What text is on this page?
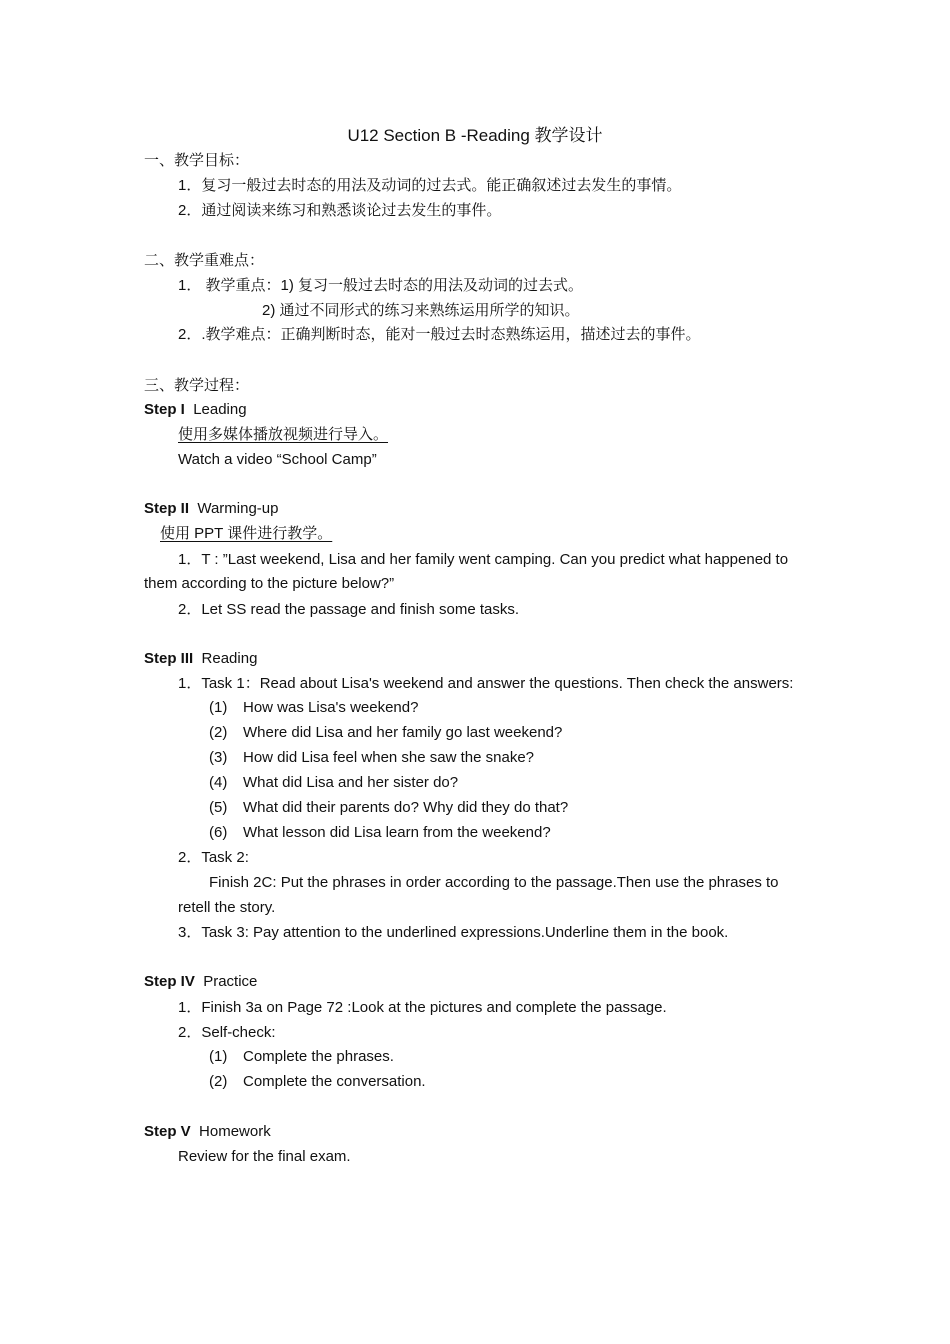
U12 Section B -Reading 教学设计
一、教学目标：
1．复习一般过去时态的用法及动词的过去式。能正确叙述过去发生的事情。
2．通过阅读来练习和熟悉谈论过去发生的事件。
二、教学重难点：
1． 教学重点：1) 复习一般过去时态的用法及动词的过去式。
2) 通过不同形式的练习来熟练运用所学的知识。
2．.教学难点：正确判断时态，能对一般过去时态熟练运用，描述过去的事件。
三、教学过程：
Step I Leading
使用多媒体播放视频进行导入。
Watch a video “School Camp”
Step II Warming-up
使用 PPT 课件进行教学。
1．T : ”Last weekend, Lisa and her family went camping. Can you predict what happened to
them according to the picture below?”
2．Let SS read the passage and finish some tasks.
Step III Reading
1．Task 1：Read about Lisa's weekend and answer the questions. Then check the answers:
(1) How was Lisa's weekend?
(2) Where did Lisa and her family go last weekend?
(3) How did Lisa feel when she saw the snake?
(4) What did Lisa and her sister do?
(5) What did their parents do? Why did they do that?
(6) What lesson did Lisa learn from the weekend?
2．Task 2:
Finish 2C: Put the phrases in order according to the passage.Then use the phrases to
retell the story.
3．Task 3: Pay attention to the underlined expressions.Underline them in the book.
Step IV Practice
1．Finish 3a on Page 72 :Look at the pictures and complete the passage.
2．Self-check:
(1) Complete the phrases.
(2) Complete the conversation.
Step V Homework
Review for the final exam.
